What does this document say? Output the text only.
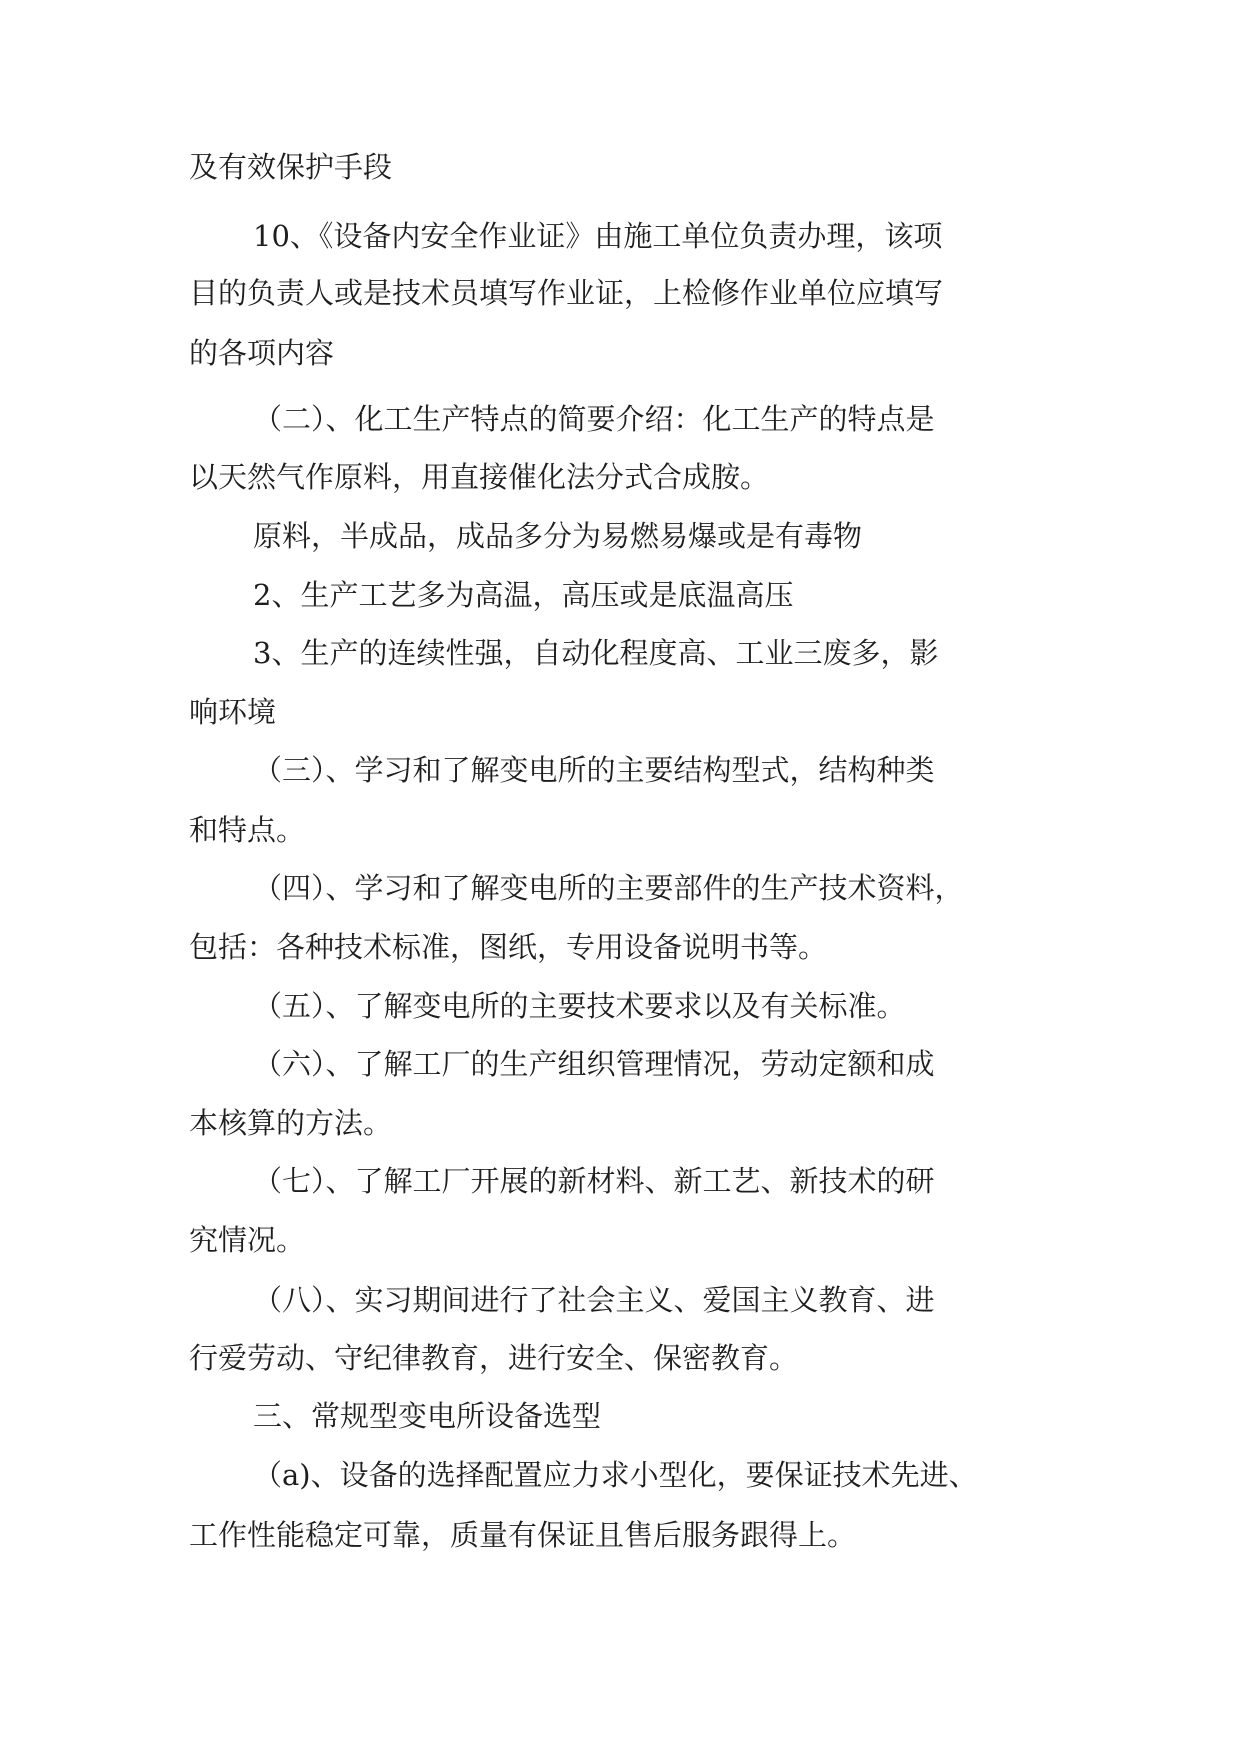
及有效保护手段

10、《设备内安全作业证》由施工单位负责办理，该项

目的负责人或是技术员填写作业证，上检修作业单位应填写

的各项内容

（二）、化工生产特点的简要介绍：化工生产的特点是

以天然气作原料，用直接催化法分式合成胺。

原料，半成品，成品多分为易燃易爆或是有毒物

2、生产工艺多为高温，高压或是底温高压

3、生产的连续性强，自动化程度高、工业三废多，影

响环境

（三）、学习和了解变电所的主要结构型式，结构种类

和特点。

（四）、学习和了解变电所的主要部件的生产技术资料，

包括：各种技术标准，图纸，专用设备说明书等。

（五）、了解变电所的主要技术要求以及有关标准。

（六）、了解工厂的生产组织管理情况，劳动定额和成

本核算的方法。

（七）、了解工厂开展的新材料、新工艺、新技术的研

究情况。

（八）、实习期间进行了社会主义、爱国主义教育、进

行爱劳动、守纪律教育，进行安全、保密教育。

三、常规型变电所设备选型

（a)、设备的选择配置应力求小型化，要保证技术先进、

工作性能稳定可靠，质量有保证且售后服务跟得上。
